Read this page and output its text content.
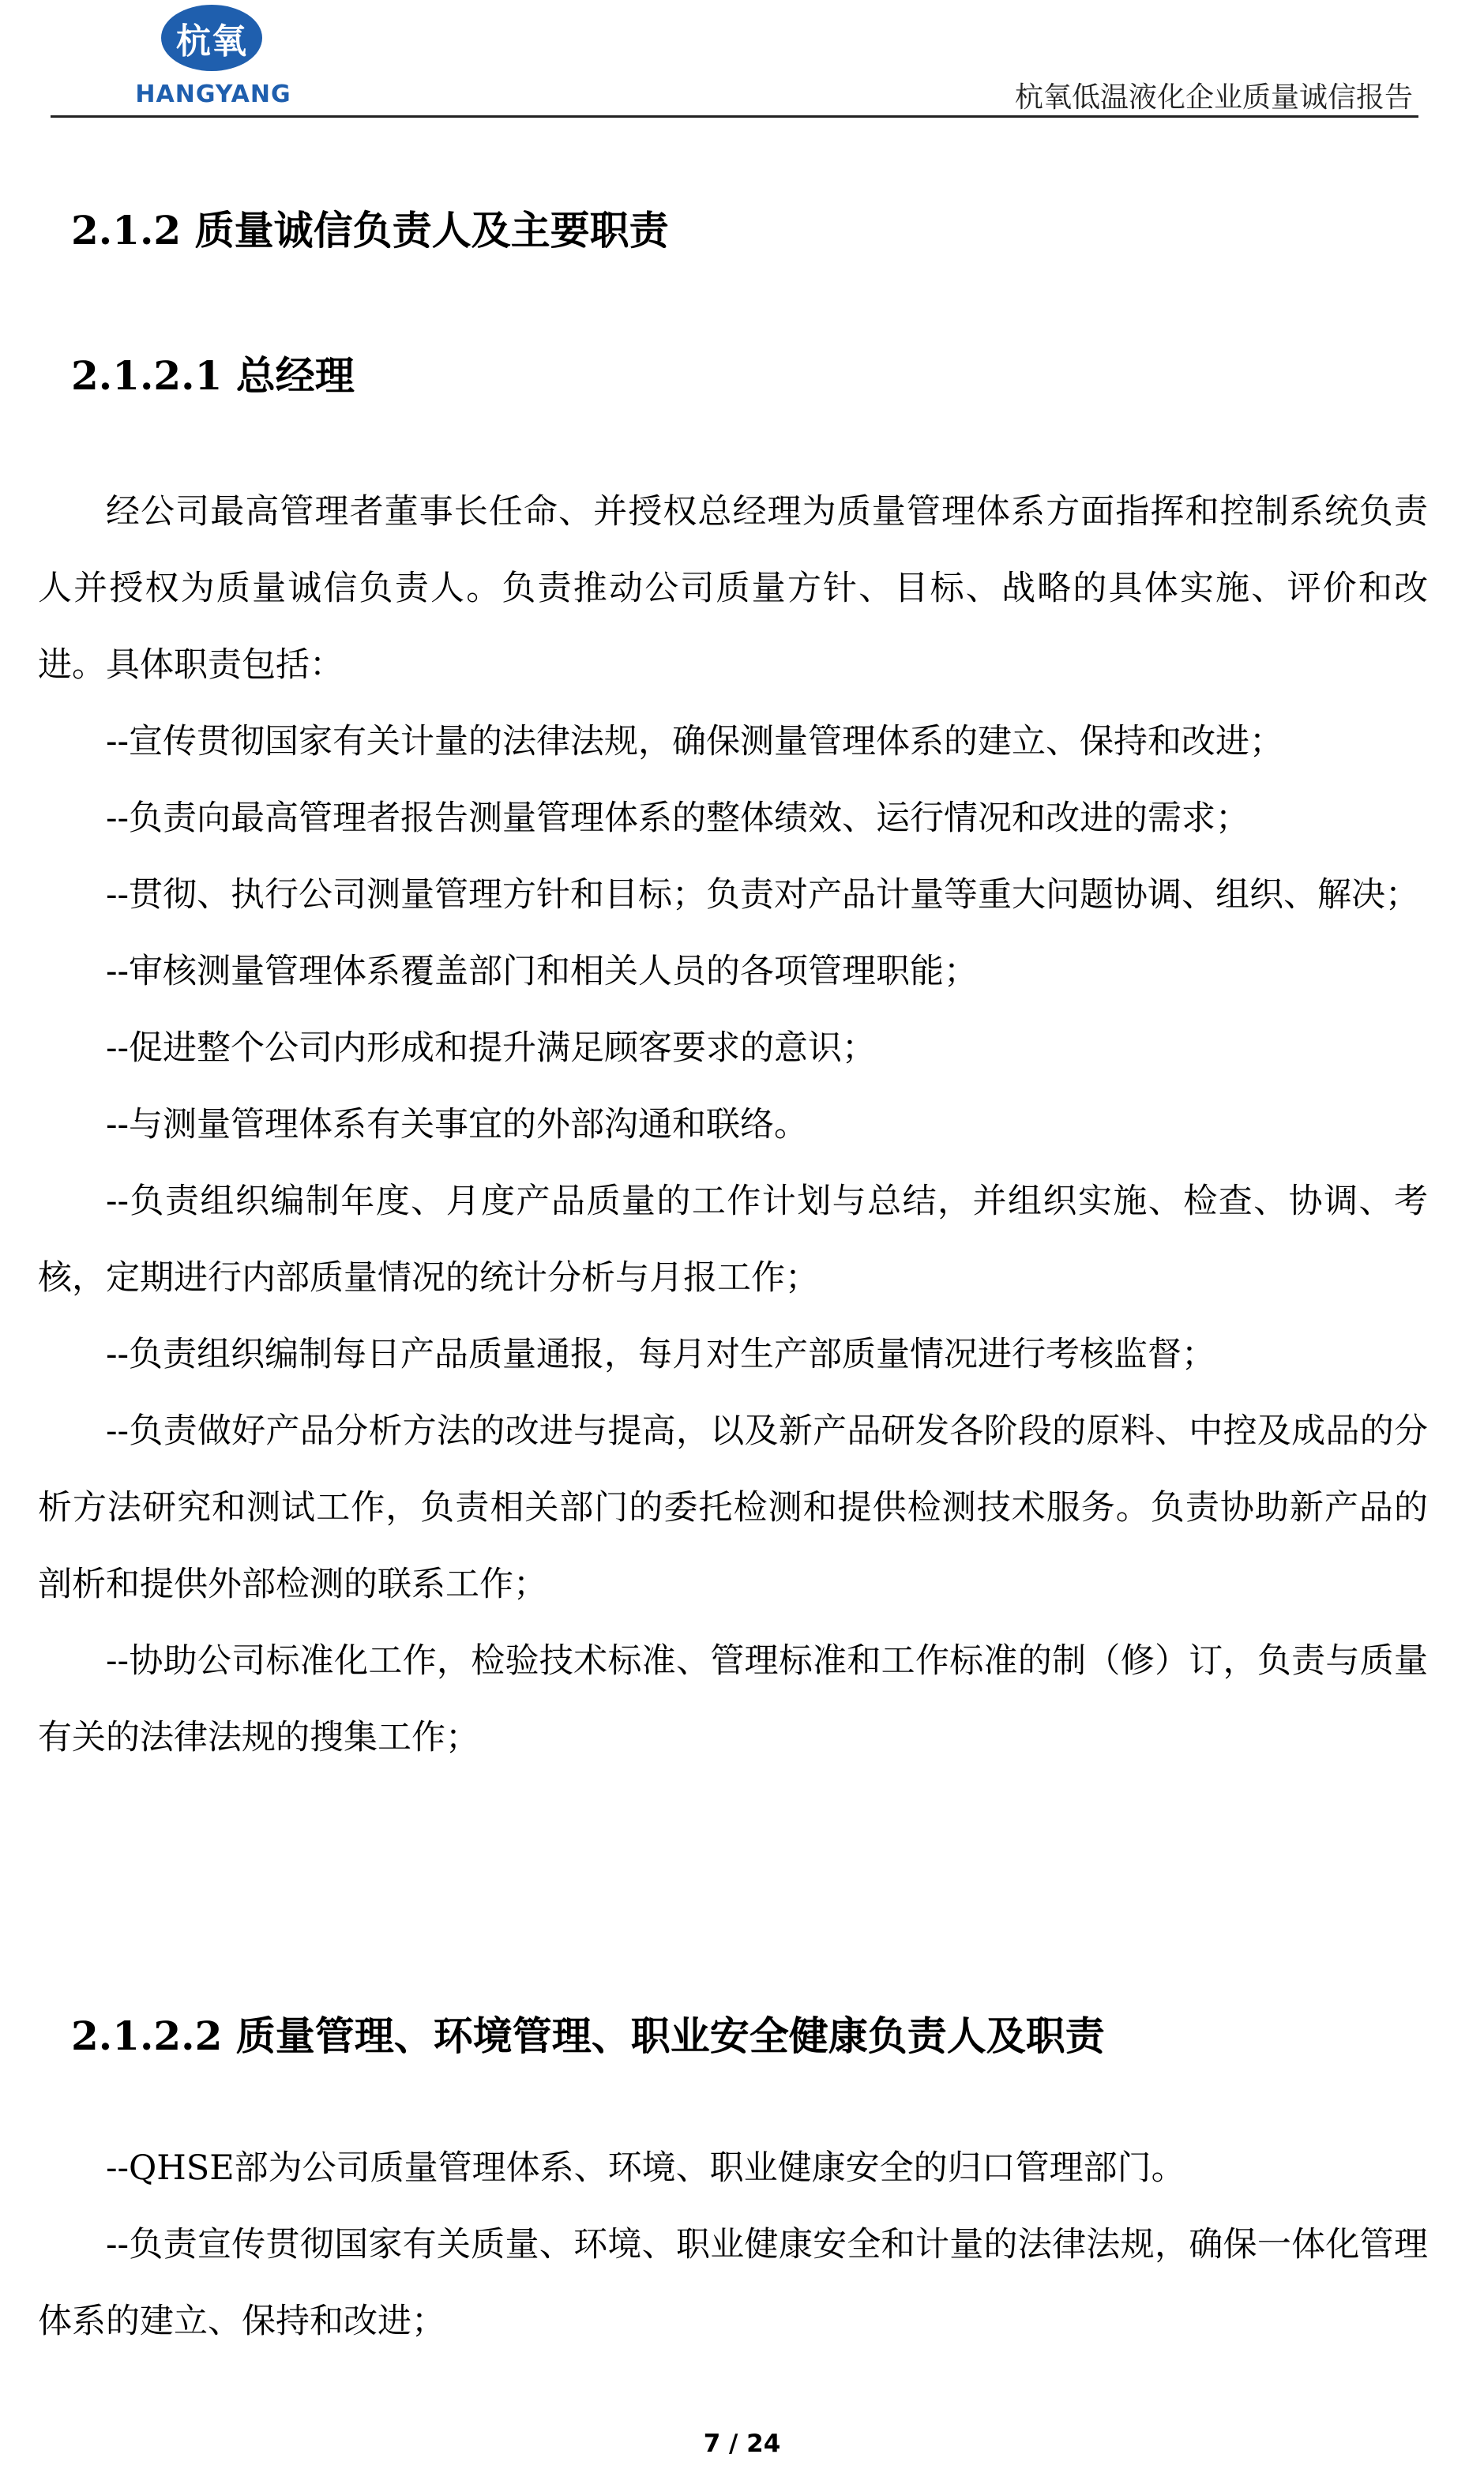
杭氧
HANGYANG	杭氧低温液化企业质量诚信报告
2.1.2 质量诚信负责人及主要职责
2.1.2.1 总经理

经公司最高管理者董事长任命、并授权总经理为质量管理体系方面指挥和控制系统负责人并授权为质量诚信负责人。负责推动公司质量方针、目标、战略的具体实施、评价和改进。具体职责包括：

--宣传贯彻国家有关计量的法律法规，确保测量管理体系的建立、保持和改进；

--负责向最高管理者报告测量管理体系的整体绩效、运行情况和改进的需求；

--贯彻、执行公司测量管理方针和目标；负责对产品计量等重大问题协调、组织、解决；

--审核测量管理体系覆盖部门和相关人员的各项管理职能；

--促进整个公司内形成和提升满足顾客要求的意识；

--与测量管理体系有关事宜的外部沟通和联络。

--负责组织编制年度、月度产品质量的工作计划与总结，并组织实施、检查、协调、考核，定期进行内部质量情况的统计分析与月报工作；

--负责组织编制每日产品质量通报，每月对生产部质量情况进行考核监督；

--负责做好产品分析方法的改进与提高，以及新产品研发各阶段的原料、中控及成品的分析方法研究和测试工作，负责相关部门的委托检测和提供检测技术服务。负责协助新产品的剖析和提供外部检测的联系工作；

--协助公司标准化工作，检验技术标准、管理标准和工作标准的制（修）订，负责与质量有关的法律法规的搜集工作；

2.1.2.2 质量管理、环境管理、职业安全健康负责人及职责

--QHSE部为公司质量管理体系、环境、职业健康安全的归口管理部门。

--负责宣传贯彻国家有关质量、环境、职业健康安全和计量的法律法规，确保一体化管理体系的建立、保持和改进；

7 / 24
